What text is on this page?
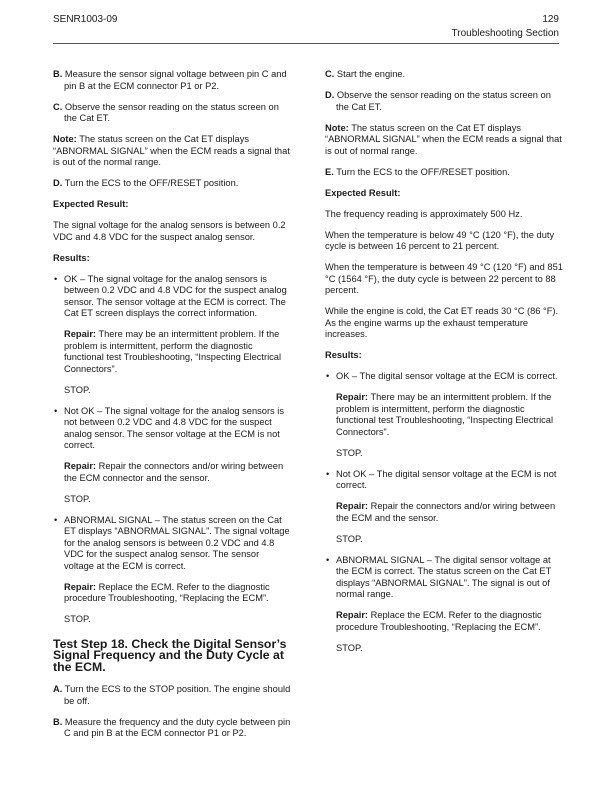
SENR1003-09	129
Troubleshooting Section
B. Measure the sensor signal voltage between pin C and pin B at the ECM connector P1 or P2.
C. Observe the sensor reading on the status screen on the Cat ET.
Note: The status screen on the Cat ET displays “ABNORMAL SIGNAL” when the ECM reads a signal that is out of the normal range.
D. Turn the ECS to the OFF/RESET position.
Expected Result:
The signal voltage for the analog sensors is between 0.2 VDC and 4.8 VDC for the suspect analog sensor.
Results:
• OK – The signal voltage for the analog sensors is between 0.2 VDC and 4.8 VDC for the suspect analog sensor. The sensor voltage at the ECM is correct. The Cat ET screen displays the correct information.
Repair: There may be an intermittent problem. If the problem is intermittent, perform the diagnostic functional test Troubleshooting, “Inspecting Electrical Connectors”.
STOP.
• Not OK – The signal voltage for the analog sensors is not between 0.2 VDC and 4.8 VDC for the suspect analog sensor. The sensor voltage at the ECM is not correct.
Repair: Repair the connectors and/or wiring between the ECM connector and the sensor.
STOP.
• ABNORMAL SIGNAL – The status screen on the Cat ET displays “ABNORMAL SIGNAL”. The signal voltage for the analog sensors is between 0.2 VDC and 4.8 VDC for the suspect analog sensor. The sensor voltage at the ECM is correct.
Repair: Replace the ECM. Refer to the diagnostic procedure Troubleshooting, “Replacing the ECM”.
STOP.
Test Step 18. Check the Digital Sensor’s Signal Frequency and the Duty Cycle at the ECM.
A. Turn the ECS to the STOP position. The engine should be off.
B. Measure the frequency and the duty cycle between pin C and pin B at the ECM connector P1 or P2.
C. Start the engine.
D. Observe the sensor reading on the status screen on the Cat ET.
Note: The status screen on the Cat ET displays “ABNORMAL SIGNAL” when the ECM reads a signal that is out of normal range.
E. Turn the ECS to the OFF/RESET position.
Expected Result:
The frequency reading is approximately 500 Hz.
When the temperature is below 49 °C (120 °F), the duty cycle is between 16 percent to 21 percent.
When the temperature is between 49 °C (120 °F) and 851 °C (1564 °F), the duty cycle is between 22 percent to 88 percent.
While the engine is cold, the Cat ET reads 30 °C (86 °F). As the engine warms up the exhaust temperature increases.
Results:
• OK – The digital sensor voltage at the ECM is correct.
Repair: There may be an intermittent problem. If the problem is intermittent, perform the diagnostic functional test Troubleshooting, “Inspecting Electrical Connectors”.
STOP.
• Not OK – The digital sensor voltage at the ECM is not correct.
Repair: Repair the connectors and/or wiring between the ECM and the sensor.
STOP.
• ABNORMAL SIGNAL – The digital sensor voltage at the ECM is correct. The status screen on the Cat ET displays “ABNORMAL SIGNAL”. The signal is out of normal range.
Repair: Replace the ECM. Refer to the diagnostic procedure Troubleshooting, “Replacing the ECM”.
STOP.
